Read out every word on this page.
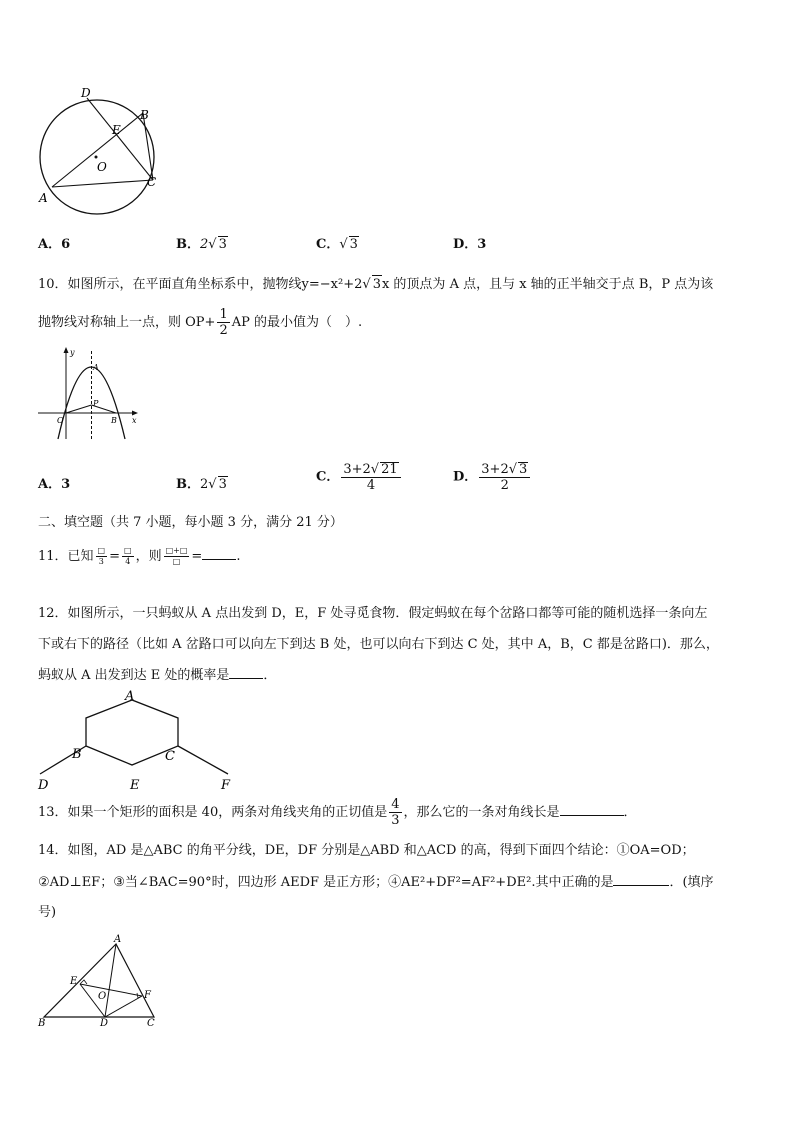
D
B
E
O
C
A
A．6	B．2√ 3	C．√ 3	D．3
10．如图所示，在平面直角坐标系中，抛物线y=−x²+2√ 3x 的顶点为 A 点，且与 x 轴的正半轴交于点 B，P 点为该
抛物线对称轴上一点，则 $OP+ \frac{1}{2}$ AP 的最小值为（　）.
y
A
P
O	B x
A．3	B．2√ 3	C． $\frac{3+2√ 21}{4}$	D． $\frac{3+2√ 3}{2}$
二、填空题（共 7 小题，每小题 3 分，满分 21 分）
11．已知 $\frac{□}{3} = \frac{□}{4}$ ，则 $\frac{□+□}{□}$ =	.
12．如图所示，一只蚂蚁从 A 点出发到 D，E，F 处寻觅食物．假定蚂蚁在每个岔路口都等可能的随机选择一条向左
下或右下的路径（比如 A 岔路口可以向左下到达 B 处，也可以向右下到达 C 处，其中 A，B，C 都是岔路口)．那么，
蚂蚁从 A 出发到达 E 处的概率是	．
A
B	C
D	E	F
13．如果一个矩形的面积是 40，两条对角线夹角的正切值是 $\frac{4}{3}$ ，那么它的一条对角线长是	．
14．如图，AD 是△ABC 的角平分线，DE，DF 分别是△ABD 和△ACD 的高，得到下面四个结论：①OA=OD；
②AD⊥EF；③当∠BAC=90°时，四边形 AEDF 是正方形；④AE²+DF²=AF²+DE².其中正确的是	．(填序
号)
A
E
F
O
B	D	C
